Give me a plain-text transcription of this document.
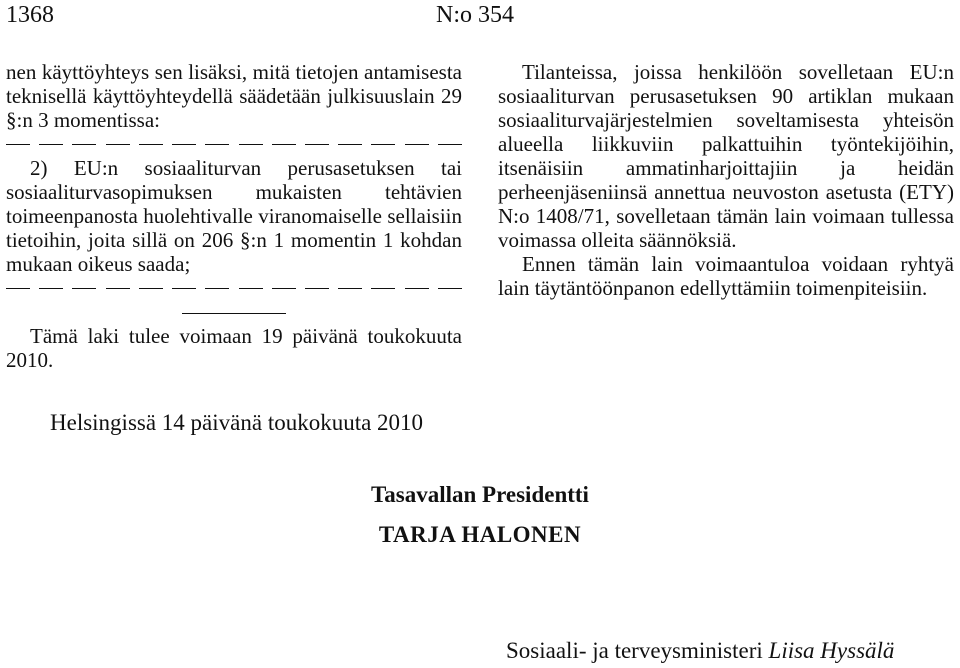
1368	N:o 354

nen käyttöyhteys sen lisäksi, mitä tietojen antamisesta teknisellä käyttöyhteydellä säädetään julkisuuslain 29 §:n 3 momentissa:

2) EU:n sosiaaliturvan perusasetuksen tai sosiaaliturvasopimuksen mukaisten tehtävien toimeenpanosta huolehtivalle viranomaiselle sellaisiin tietoihin, joita sillä on 206 §:n 1 momentin 1 kohdan mukaan oikeus saada;

Tämä laki tulee voimaan 19 päivänä toukokuuta 2010.

Tilanteissa, joissa henkilöön sovelletaan EU:n sosiaaliturvan perusasetuksen 90 artiklan mukaan sosiaaliturvajärjestelmien soveltamisesta yhteisön alueella liikkuviin palkattuihin työntekijöihin, itsenäisiin ammatinharjoittajiin ja heidän perheenjäseniinsä annettua neuvoston asetusta (ETY) N:o 1408/71, sovelletaan tämän lain voimaan tullessa voimassa olleita säännöksiä.

Ennen tämän lain voimaantuloa voidaan ryhtyä lain täytäntöönpanon edellyttämiin toimenpiteisiin.

Helsingissä 14 päivänä toukokuuta 2010
Tasavallan Presidentti
TARJA HALONEN
Sosiaali- ja terveysministeri Liisa Hyssälä
